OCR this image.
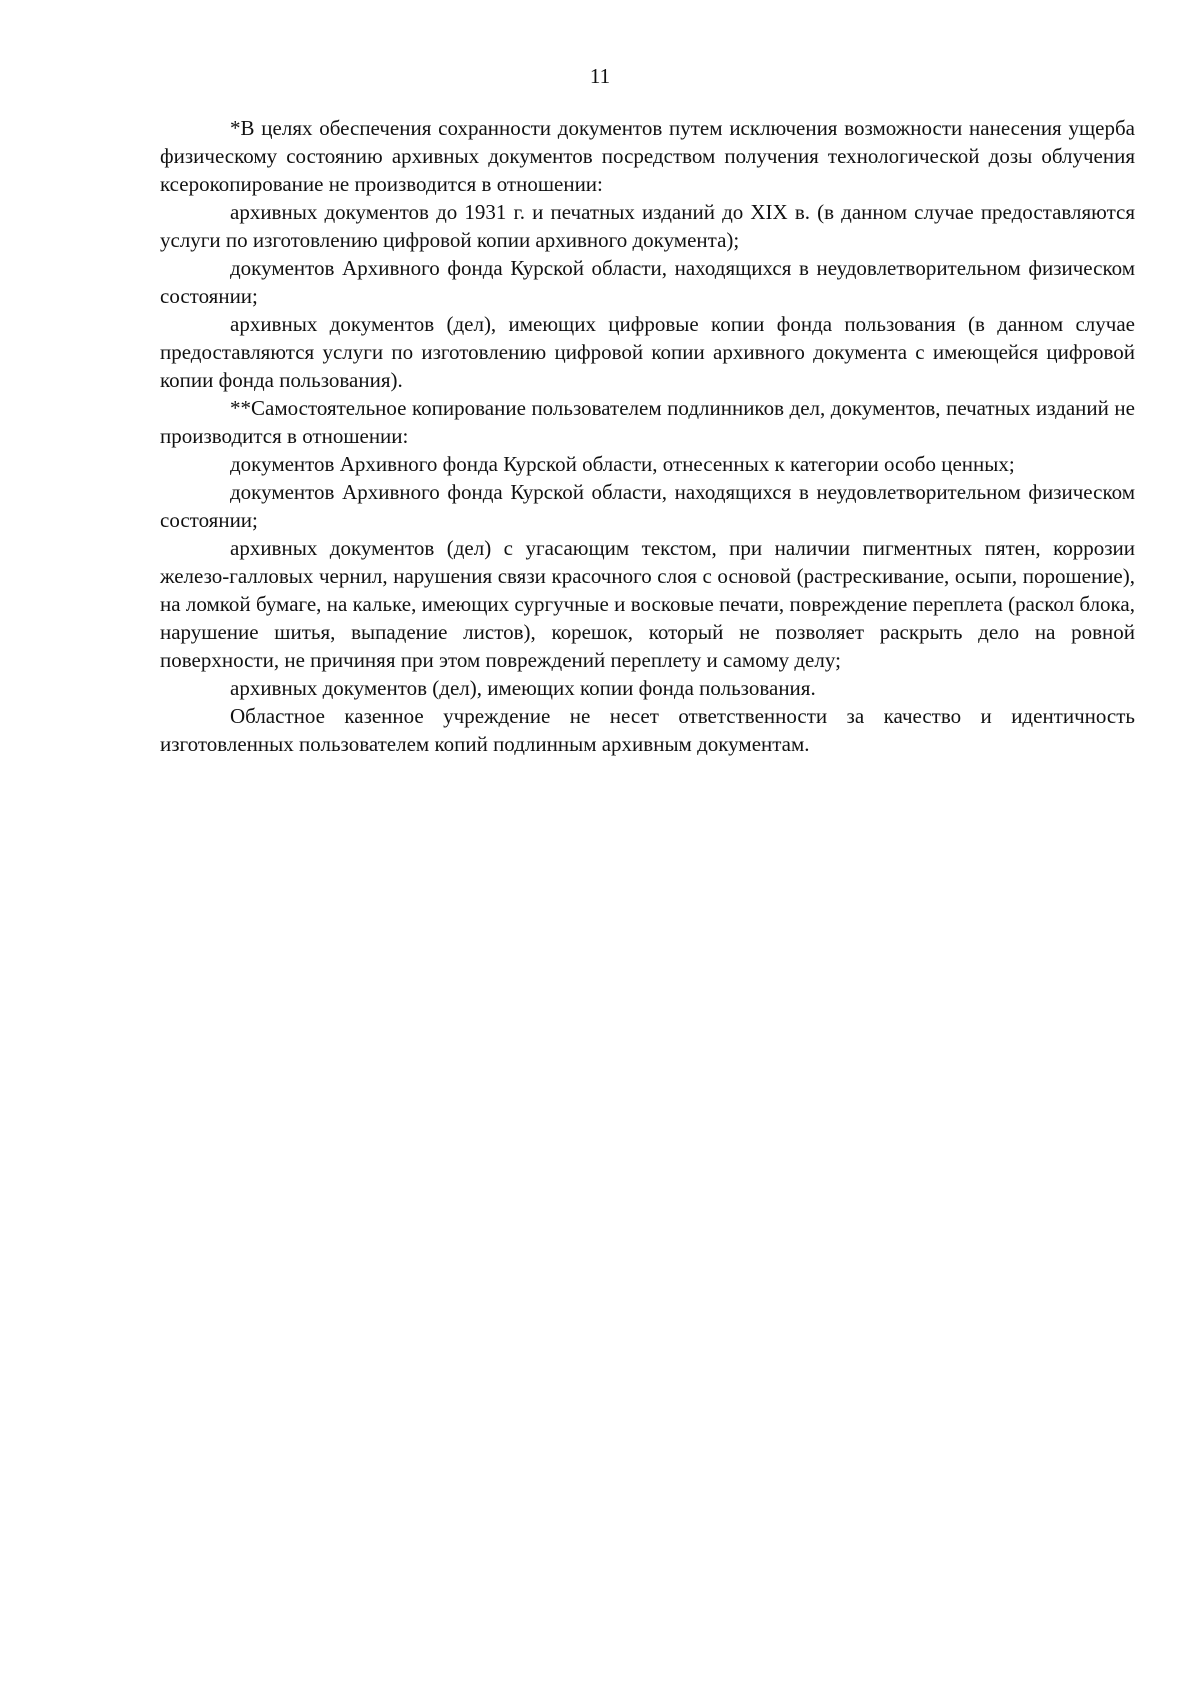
11

*В целях обеспечения сохранности документов путем исключения возможности нанесения ущерба физическому состоянию архивных документов посредством получения технологической дозы облучения ксерокопирование не производится в отношении:

архивных документов до 1931 г. и печатных изданий до XIX в. (в данном случае предоставляются услуги по изготовлению цифровой копии архивного документа);

документов Архивного фонда Курской области, находящихся в неудовлетворительном физическом состоянии;

архивных документов (дел), имеющих цифровые копии фонда пользования (в данном случае предоставляются услуги по изготовлению цифровой копии архивного документа с имеющейся цифровой копии фонда пользования).

**Самостоятельное копирование пользователем подлинников дел, документов, печатных изданий не производится в отношении:

документов Архивного фонда Курской области, отнесенных к категории особо ценных;

документов Архивного фонда Курской области, находящихся в неудовлетворительном физическом состоянии;

архивных документов (дел) с угасающим текстом, при наличии пигментных пятен, коррозии железо-галловых чернил, нарушения связи красочного слоя с основой (растрескивание, осыпи, порошение), на ломкой бумаге, на кальке, имеющих сургучные и восковые печати, повреждение переплета (раскол блока, нарушение шитья, выпадение листов), корешок, который не позволяет раскрыть дело на ровной поверхности, не причиняя при этом повреждений переплету и самому делу;

архивных документов (дел), имеющих копии фонда пользования.

Областное казенное учреждение не несет ответственности за качество и идентичность изготовленных пользователем копий подлинным архивным документам.
